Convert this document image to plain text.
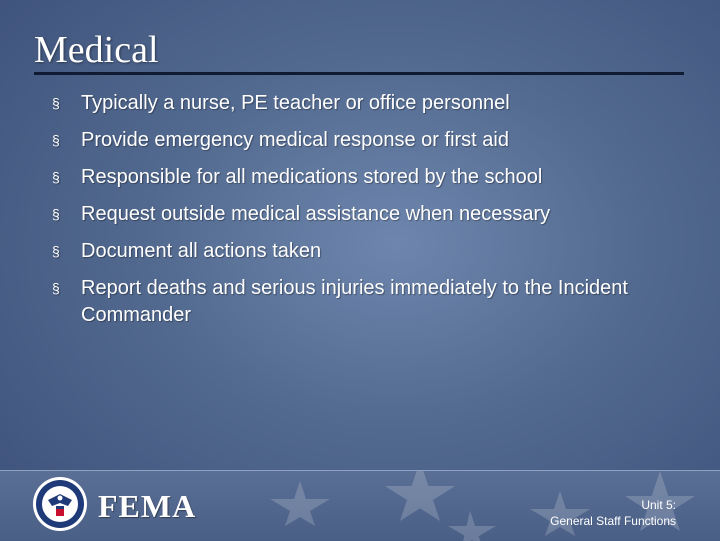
Medical
§ Typically a nurse, PE teacher or office personnel
§ Provide emergency medical response or first aid
§ Responsible for all medications stored by the school
§ Request outside medical assistance when necessary
§ Document all actions taken
§ Report deaths and serious injuries immediately to the Incident Commander
FEMA	Unit 5:
General Staff Functions
